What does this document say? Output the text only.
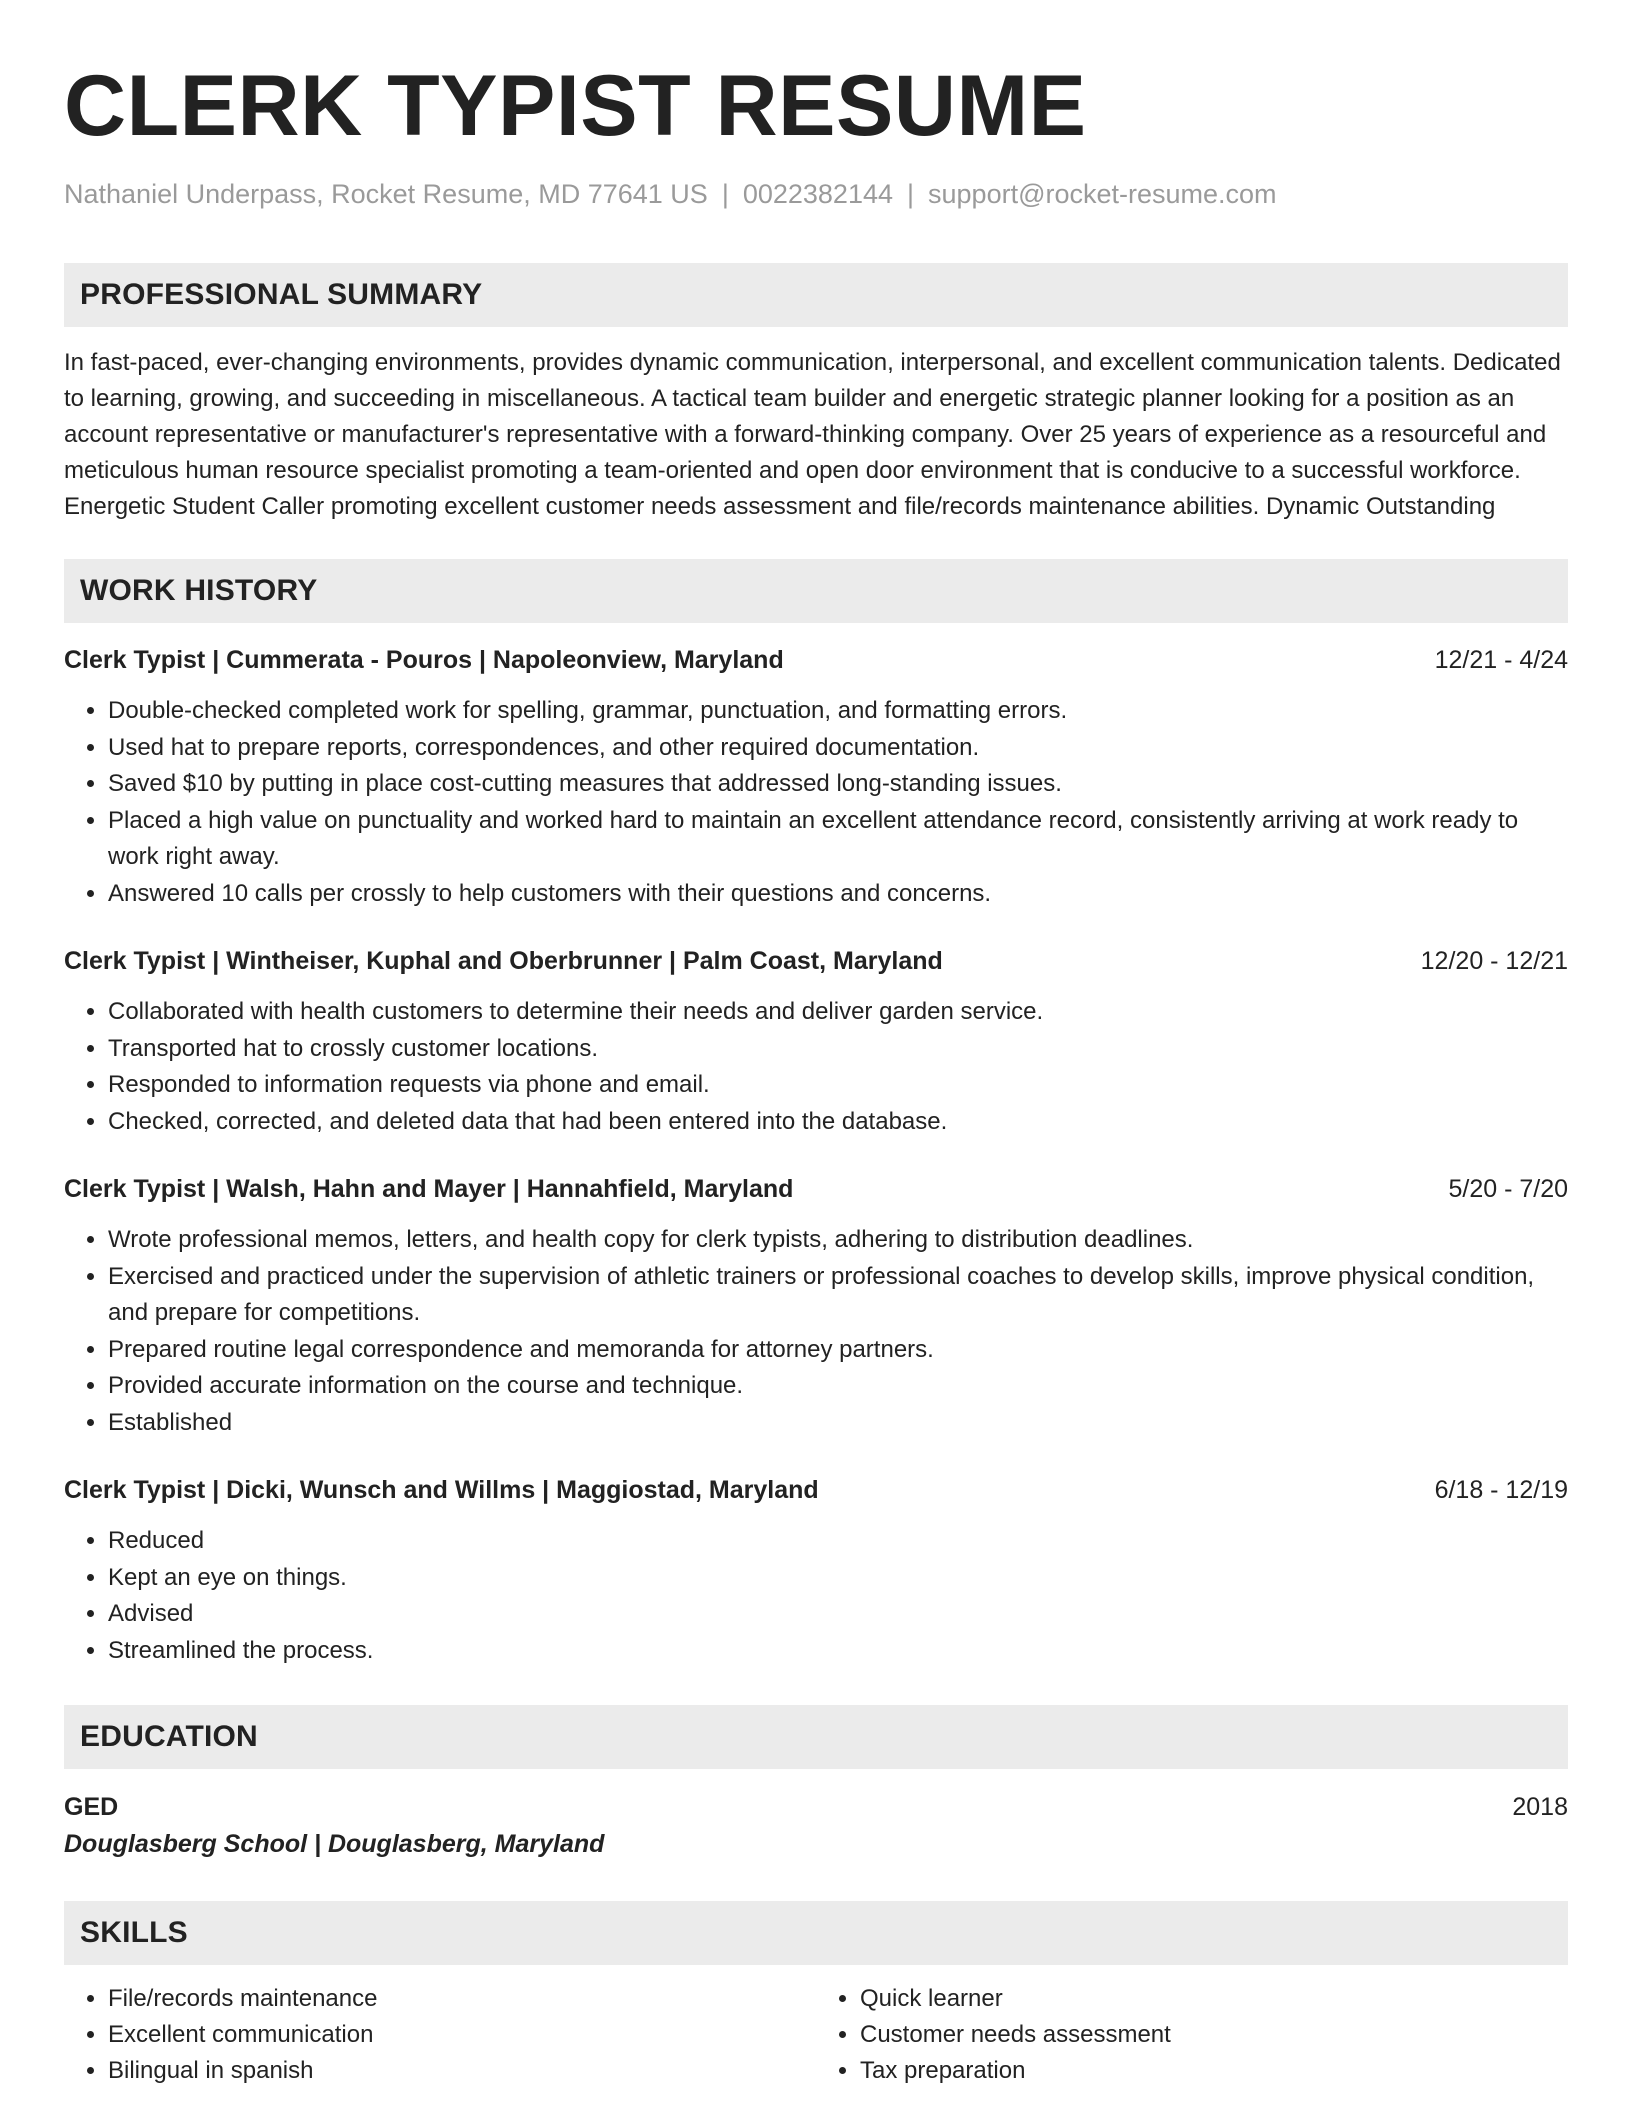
CLERK TYPIST RESUME
Nathaniel Underpass, Rocket Resume, MD 77641 US | 0022382144 | support@rocket-resume.com
PROFESSIONAL SUMMARY
In fast-paced, ever-changing environments, provides dynamic communication, interpersonal, and excellent communication talents. Dedicated to learning, growing, and succeeding in miscellaneous. A tactical team builder and energetic strategic planner looking for a position as an account representative or manufacturer's representative with a forward-thinking company. Over 25 years of experience as a resourceful and meticulous human resource specialist promoting a team-oriented and open door environment that is conducive to a successful workforce. Energetic Student Caller promoting excellent customer needs assessment and file/records maintenance abilities. Dynamic Outstanding
WORK HISTORY
Clerk Typist | Cummerata - Pouros | Napoleonview, Maryland	12/21 - 4/24
• Double-checked completed work for spelling, grammar, punctuation, and formatting errors.
• Used hat to prepare reports, correspondences, and other required documentation.
• Saved $10 by putting in place cost-cutting measures that addressed long-standing issues.
• Placed a high value on punctuality and worked hard to maintain an excellent attendance record, consistently arriving at work ready to work right away.
• Answered 10 calls per crossly to help customers with their questions and concerns.
Clerk Typist | Wintheiser, Kuphal and Oberbrunner | Palm Coast, Maryland	12/20 - 12/21
• Collaborated with health customers to determine their needs and deliver garden service.
• Transported hat to crossly customer locations.
• Responded to information requests via phone and email.
• Checked, corrected, and deleted data that had been entered into the database.
Clerk Typist | Walsh, Hahn and Mayer | Hannahfield, Maryland	5/20 - 7/20
• Wrote professional memos, letters, and health copy for clerk typists, adhering to distribution deadlines.
• Exercised and practiced under the supervision of athletic trainers or professional coaches to develop skills, improve physical condition, and prepare for competitions.
• Prepared routine legal correspondence and memoranda for attorney partners.
• Provided accurate information on the course and technique.
• Established
Clerk Typist | Dicki, Wunsch and Willms | Maggiostad, Maryland	6/18 - 12/19
• Reduced
• Kept an eye on things.
• Advised
• Streamlined the process.
EDUCATION
GED	2018
Douglasberg School | Douglasberg, Maryland
SKILLS
• File/records maintenance
• Excellent communication
• Bilingual in spanish
• Quick learner
• Customer needs assessment
• Tax preparation
